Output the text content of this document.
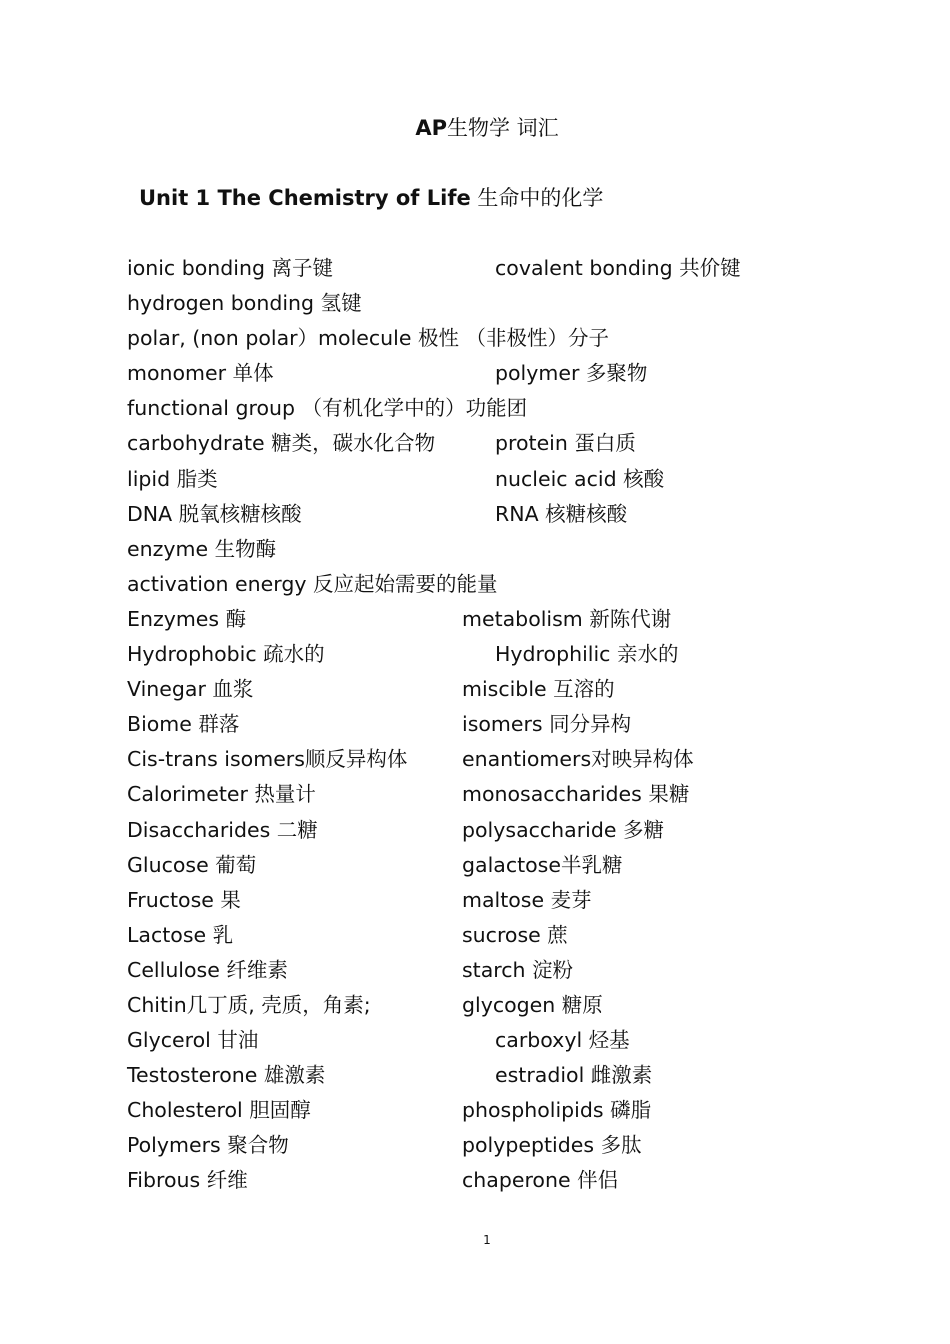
AP生物学 词汇
Unit 1 The Chemistry of Life 生命中的化学
ionic bonding 离子键	covalent bonding 共价键
hydrogen bonding 氢键
polar, (non polar）molecule 极性 （非极性）分子
monomer 单体	polymer 多聚物
functional group （有机化学中的）功能团
carbohydrate 糖类，碳水化合物	protein 蛋白质
lipid 脂类	nucleic acid 核酸
DNA 脱氧核糖核酸	RNA 核糖核酸
enzyme 生物酶
activation energy 反应起始需要的能量
Enzymes 酶	metabolism 新陈代谢
Hydrophobic 疏水的	Hydrophilic 亲水的
Vinegar 血浆	miscible 互溶的
Biome 群落	isomers 同分异构
Cis-trans isomers顺反异构体	enantiomers对映异构体
Calorimeter 热量计	monosaccharides 果糖
Disaccharides 二糖	polysaccharide 多糖
Glucose 葡萄	galactose半乳糖
Fructose 果	maltose 麦芽
Lactose 乳	sucrose 蔗
Cellulose 纤维素	starch 淀粉
Chitin几丁质, 壳质，角素;	glycogen 糖原
Glycerol 甘油	carboxyl 烃基
Testosterone 雄激素	estradiol 雌激素
Cholesterol 胆固醇	phospholipids 磷脂
Polymers 聚合物	polypeptides 多肽
Fibrous 纤维	chaperone 伴侣
1
